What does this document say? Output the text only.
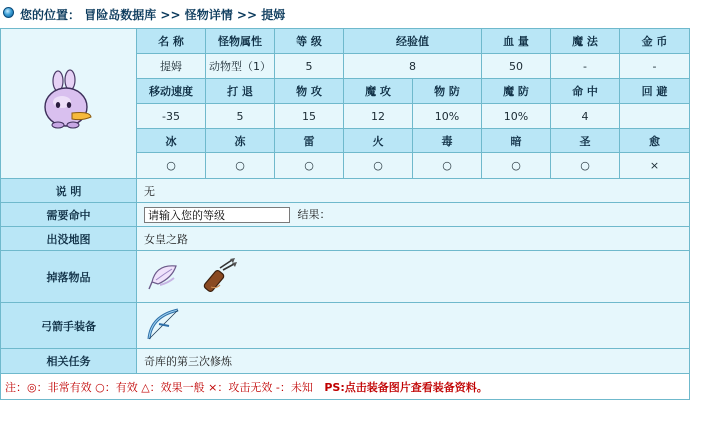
您的位置： 冒险岛数据库 >> 怪物详情 >> 提姆
	名 称	怪物属性	等 级	经验值		血 量	魔 法	金 币
	提姆	动物型（1）	5	8		50	-	-
	移动速度	打 退	物 攻	魔 攻	物 防	魔 防	命 中	回 避
	-35	5	15	12	10%	10%	4	
	冰	冻	雷	火	毒	暗	圣	愈
	○	○	○	○	○	○	○	×
说 明	无							
需要命中	请输入您的等级结果：
出没地图	女皇之路							
掉落物品	
弓箭手装备	
相关任务	奇库的第三次修炼							
注：◎：非常有效 ○：有效 △：效果一般 ×：攻击无效 -：未知 PS:点击装备图片查看装备资料。								
